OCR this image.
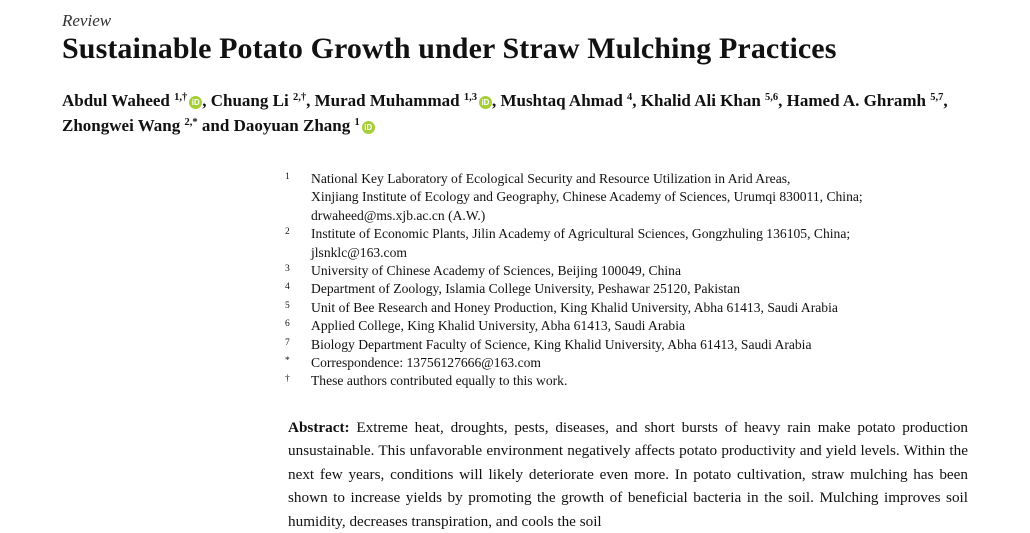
Review
Sustainable Potato Growth under Straw Mulching Practices
Abdul Waheed $^{1,\dagger}$ iD , Chuang Li $^{2,\dagger}$, Murad Muhammad $^{1,3}$ iD , Mushtaq Ahmad $^4$, Khalid Ali Khan $^{5,6}$, Hamed A. Ghramh $^{5,7}$, Zhongwei Wang $^{2,*}$ and Daoyuan Zhang $^1$ iD
1 National Key Laboratory of Ecological Security and Resource Utilization in Arid Areas,
Xinjiang Institute of Ecology and Geography, Chinese Academy of Sciences, Urumqi 830011, China;
drwaheed@ms.xjb.ac.cn (A.W.)
2 Institute of Economic Plants, Jilin Academy of Agricultural Sciences, Gongzhuling 136105, China;
jlsnklc@163.com
3 University of Chinese Academy of Sciences, Beijing 100049, China
4 Department of Zoology, Islamia College University, Peshawar 25120, Pakistan
5 Unit of Bee Research and Honey Production, King Khalid University, Abha 61413, Saudi Arabia
6 Applied College, King Khalid University, Abha 61413, Saudi Arabia
7 Biology Department Faculty of Science, King Khalid University, Abha 61413, Saudi Arabia
* Correspondence: 13756127666@163.com
† These authors contributed equally to this work.
Abstract: Extreme heat, droughts, pests, diseases, and short bursts of heavy rain make potato production unsustainable. This unfavorable environment negatively affects potato productivity and yield levels. Within the next few years, conditions will likely deteriorate even more. In potato cultivation, straw mulching has been shown to increase yields by promoting the growth of beneficial bacteria in the soil. Mulching improves soil humidity, decreases transpiration, and cools the soil
